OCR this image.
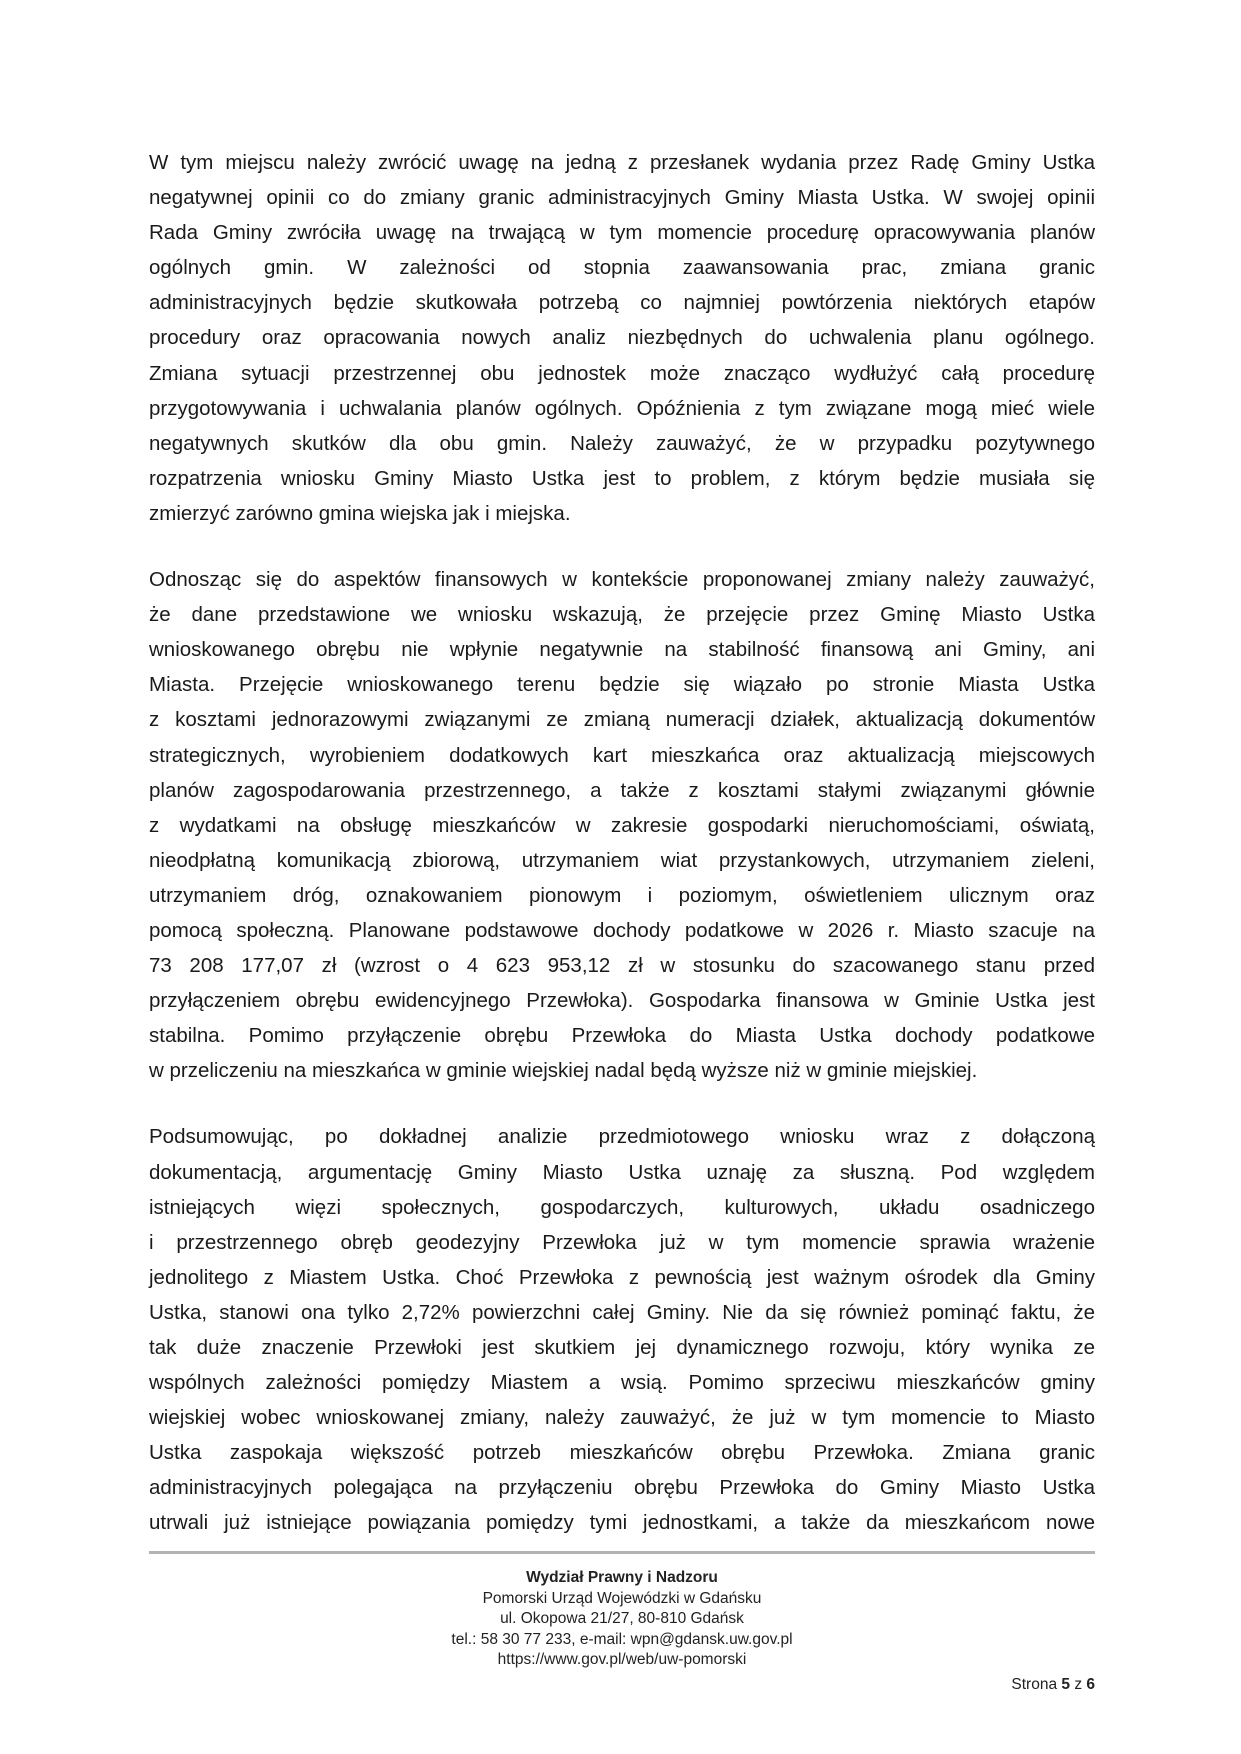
W tym miejscu należy zwrócić uwagę na jedną z przesłanek wydania przez Radę Gminy Ustka
negatywnej opinii co do zmiany granic administracyjnych Gminy Miasta Ustka. W swojej opinii
Rada Gminy zwróciła uwagę na trwającą w tym momencie procedurę opracowywania planów
ogólnych gmin. W zależności od stopnia zaawansowania prac, zmiana granic
administracyjnych będzie skutkowała potrzebą co najmniej powtórzenia niektórych etapów
procedury oraz opracowania nowych analiz niezbędnych do uchwalenia planu ogólnego.
Zmiana sytuacji przestrzennej obu jednostek może znacząco wydłużyć całą procedurę
przygotowywania i uchwalania planów ogólnych. Opóźnienia z tym związane mogą mieć wiele
negatywnych skutków dla obu gmin. Należy zauważyć, że w przypadku pozytywnego
rozpatrzenia wniosku Gminy Miasto Ustka jest to problem, z którym będzie musiała się
zmierzyć zarówno gmina wiejska jak i miejska.

Odnosząc się do aspektów finansowych w kontekście proponowanej zmiany należy zauważyć,
że dane przedstawione we wniosku wskazują, że przejęcie przez Gminę Miasto Ustka
wnioskowanego obrębu nie wpłynie negatywnie na stabilność finansową ani Gminy, ani
Miasta. Przejęcie wnioskowanego terenu będzie się wiązało po stronie Miasta Ustka
z kosztami jednorazowymi związanymi ze zmianą numeracji działek, aktualizacją dokumentów
strategicznych, wyrobieniem dodatkowych kart mieszkańca oraz aktualizacją miejscowych
planów zagospodarowania przestrzennego, a także z kosztami stałymi związanymi głównie
z wydatkami na obsługę mieszkańców w zakresie gospodarki nieruchomościami, oświatą,
nieodpłatną komunikacją zbiorową, utrzymaniem wiat przystankowych, utrzymaniem zieleni,
utrzymaniem dróg, oznakowaniem pionowym i poziomym, oświetleniem ulicznym oraz
pomocą społeczną. Planowane podstawowe dochody podatkowe w 2026 r. Miasto szacuje na
73 208 177,07 zł (wzrost o 4 623 953,12 zł w stosunku do szacowanego stanu przed
przyłączeniem obrębu ewidencyjnego Przewłoka). Gospodarka finansowa w Gminie Ustka jest
stabilna. Pomimo przyłączenie obrębu Przewłoka do Miasta Ustka dochody podatkowe
w przeliczeniu na mieszkańca w gminie wiejskiej nadal będą wyższe niż w gminie miejskiej.

Podsumowując, po dokładnej analizie przedmiotowego wniosku wraz z dołączoną
dokumentacją, argumentację Gminy Miasto Ustka uznaję za słuszną. Pod względem
istniejących więzi społecznych, gospodarczych, kulturowych, układu osadniczego
i przestrzennego obręb geodezyjny Przewłoka już w tym momencie sprawia wrażenie
jednolitego z Miastem Ustka. Choć Przewłoka z pewnością jest ważnym ośrodek dla Gminy
Ustka, stanowi ona tylko 2,72% powierzchni całej Gminy. Nie da się również pominąć faktu, że
tak duże znaczenie Przewłoki jest skutkiem jej dynamicznego rozwoju, który wynika ze
wspólnych zależności pomiędzy Miastem a wsią. Pomimo sprzeciwu mieszkańców gminy
wiejskiej wobec wnioskowanej zmiany, należy zauważyć, że już w tym momencie to Miasto
Ustka zaspokaja większość potrzeb mieszkańców obrębu Przewłoka. Zmiana granic
administracyjnych polegająca na przyłączeniu obrębu Przewłoka do Gminy Miasto Ustka
utrwali już istniejące powiązania pomiędzy tymi jednostkami, a także da mieszkańcom nowe

Wydział Prawny i Nadzoru
Pomorski Urząd Wojewódzki w Gdańsku
ul. Okopowa 21/27, 80-810 Gdańsk
tel.: 58 30 77 233, e-mail: wpn@gdansk.uw.gov.pl
https://www.gov.pl/web/uw-pomorski
Strona 5 z 6
